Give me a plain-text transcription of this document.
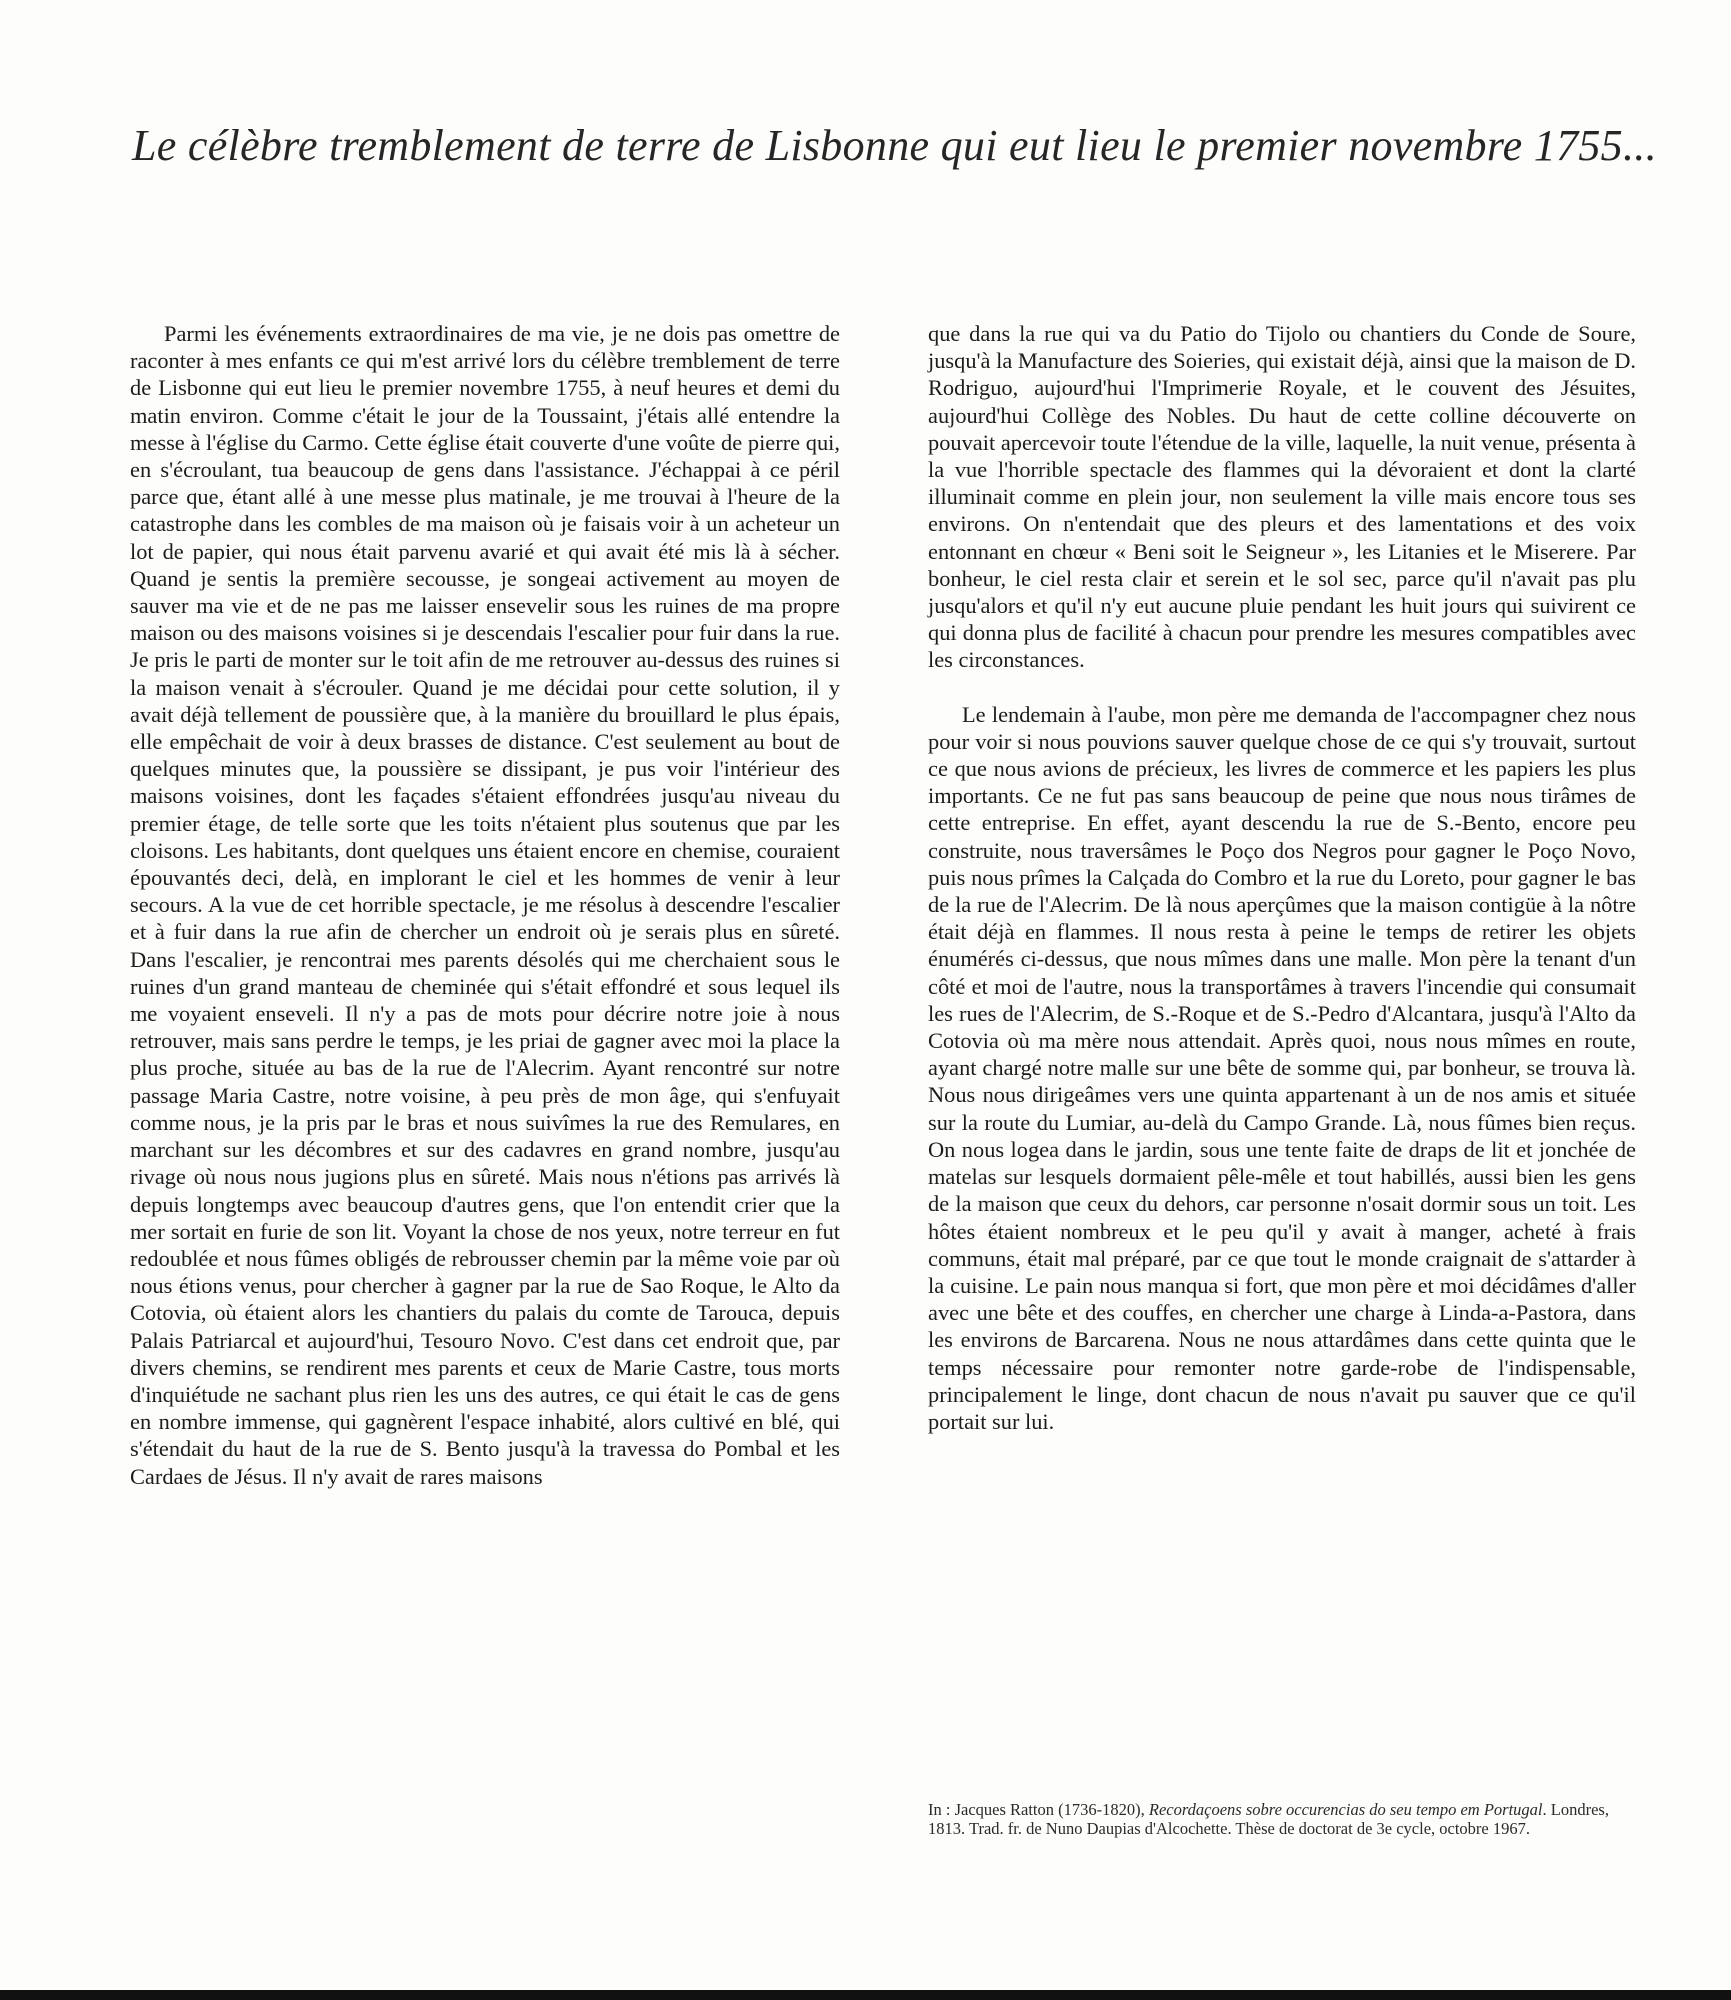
Le célèbre tremblement de terre de Lisbonne qui eut lieu le premier novembre 1755...

Parmi les événements extraordinaires de ma vie, je ne dois pas omettre de raconter à mes enfants ce qui m'est arrivé lors du célèbre tremblement de terre de Lisbonne qui eut lieu le premier novembre 1755, à neuf heures et demi du matin environ. Comme c'était le jour de la Toussaint, j'étais allé entendre la messe à l'église du Carmo. Cette église était couverte d'une voûte de pierre qui, en s'écroulant, tua beaucoup de gens dans l'assistance. J'échappai à ce péril parce que, étant allé à une messe plus matinale, je me trouvai à l'heure de la catastrophe dans les combles de ma maison où je faisais voir à un acheteur un lot de papier, qui nous était parvenu avarié et qui avait été mis là à sécher. Quand je sentis la première secousse, je songeai activement au moyen de sauver ma vie et de ne pas me laisser ensevelir sous les ruines de ma propre maison ou des maisons voisines si je descendais l'escalier pour fuir dans la rue. Je pris le parti de monter sur le toit afin de me retrouver au-dessus des ruines si la maison venait à s'écrouler. Quand je me décidai pour cette solution, il y avait déjà tellement de poussière que, à la manière du brouillard le plus épais, elle empêchait de voir à deux brasses de distance. C'est seulement au bout de quelques minutes que, la poussière se dissipant, je pus voir l'intérieur des maisons voisines, dont les façades s'étaient effondrées jusqu'au niveau du premier étage, de telle sorte que les toits n'étaient plus soutenus que par les cloisons. Les habitants, dont quelques uns étaient encore en chemise, couraient épouvantés deci, delà, en implorant le ciel et les hommes de venir à leur secours. A la vue de cet horrible spectacle, je me résolus à descendre l'escalier et à fuir dans la rue afin de chercher un endroit où je serais plus en sûreté. Dans l'escalier, je rencontrai mes parents désolés qui me cherchaient sous le ruines d'un grand manteau de cheminée qui s'était effondré et sous lequel ils me voyaient enseveli. Il n'y a pas de mots pour décrire notre joie à nous retrouver, mais sans perdre le temps, je les priai de gagner avec moi la place la plus proche, située au bas de la rue de l'Alecrim. Ayant rencontré sur notre passage Maria Castre, notre voisine, à peu près de mon âge, qui s'enfuyait comme nous, je la pris par le bras et nous suivîmes la rue des Remulares, en marchant sur les décombres et sur des cadavres en grand nombre, jusqu'au rivage où nous nous jugions plus en sûreté. Mais nous n'étions pas arrivés là depuis longtemps avec beaucoup d'autres gens, que l'on entendit crier que la mer sortait en furie de son lit. Voyant la chose de nos yeux, notre terreur en fut redoublée et nous fûmes obligés de rebrousser chemin par la même voie par où nous étions venus, pour chercher à gagner par la rue de Sao Roque, le Alto da Cotovia, où étaient alors les chantiers du palais du comte de Tarouca, depuis Palais Patriarcal et aujourd'hui, Tesouro Novo. C'est dans cet endroit que, par divers chemins, se rendirent mes parents et ceux de Marie Castre, tous morts d'inquiétude ne sachant plus rien les uns des autres, ce qui était le cas de gens en nombre immense, qui gagnèrent l'espace inhabité, alors cultivé en blé, qui s'étendait du haut de la rue de S. Bento jusqu'à la travessa do Pombal et les Cardaes de Jésus. Il n'y avait de rares maisons

que dans la rue qui va du Patio do Tijolo ou chantiers du Conde de Soure, jusqu'à la Manufacture des Soieries, qui existait déjà, ainsi que la maison de D. Rodriguo, aujourd'hui l'Imprimerie Royale, et le couvent des Jésuites, aujourd'hui Collège des Nobles. Du haut de cette colline découverte on pouvait apercevoir toute l'étendue de la ville, laquelle, la nuit venue, présenta à la vue l'horrible spectacle des flammes qui la dévoraient et dont la clarté illuminait comme en plein jour, non seulement la ville mais encore tous ses environs. On n'entendait que des pleurs et des lamentations et des voix entonnant en chœur « Beni soit le Seigneur », les Litanies et le Miserere. Par bonheur, le ciel resta clair et serein et le sol sec, parce qu'il n'avait pas plu jusqu'alors et qu'il n'y eut aucune pluie pendant les huit jours qui suivirent ce qui donna plus de facilité à chacun pour prendre les mesures compatibles avec les circonstances.

Le lendemain à l'aube, mon père me demanda de l'accompagner chez nous pour voir si nous pouvions sauver quelque chose de ce qui s'y trouvait, surtout ce que nous avions de précieux, les livres de commerce et les papiers les plus importants. Ce ne fut pas sans beaucoup de peine que nous nous tirâmes de cette entreprise. En effet, ayant descendu la rue de S.-Bento, encore peu construite, nous traversâmes le Poço dos Negros pour gagner le Poço Novo, puis nous prîmes la Calçada do Combro et la rue du Loreto, pour gagner le bas de la rue de l'Alecrim. De là nous aperçûmes que la maison contigüe à la nôtre était déjà en flammes. Il nous resta à peine le temps de retirer les objets énumérés ci-dessus, que nous mîmes dans une malle. Mon père la tenant d'un côté et moi de l'autre, nous la transportâmes à travers l'incendie qui consumait les rues de l'Alecrim, de S.-Roque et de S.-Pedro d'Alcantara, jusqu'à l'Alto da Cotovia où ma mère nous attendait. Après quoi, nous nous mîmes en route, ayant chargé notre malle sur une bête de somme qui, par bonheur, se trouva là. Nous nous dirigeâmes vers une quinta appartenant à un de nos amis et située sur la route du Lumiar, au-delà du Campo Grande. Là, nous fûmes bien reçus. On nous logea dans le jardin, sous une tente faite de draps de lit et jonchée de matelas sur lesquels dormaient pêle-mêle et tout habillés, aussi bien les gens de la maison que ceux du dehors, car personne n'osait dormir sous un toit. Les hôtes étaient nombreux et le peu qu'il y avait à manger, acheté à frais communs, était mal préparé, par ce que tout le monde craignait de s'attarder à la cuisine. Le pain nous manqua si fort, que mon père et moi décidâmes d'aller avec une bête et des couffes, en chercher une charge à Linda-a-Pastora, dans les environs de Barcarena. Nous ne nous attardâmes dans cette quinta que le temps nécessaire pour remonter notre garde-robe de l'indispensable, principalement le linge, dont chacun de nous n'avait pu sauver que ce qu'il portait sur lui.

In : Jacques Ratton (1736-1820), Recordaçoens sobre occurencias do seu tempo em Portugal. Londres, 1813. Trad. fr. de Nuno Daupias d'Alcochette. Thèse de doctorat de 3e cycle, octobre 1967.
